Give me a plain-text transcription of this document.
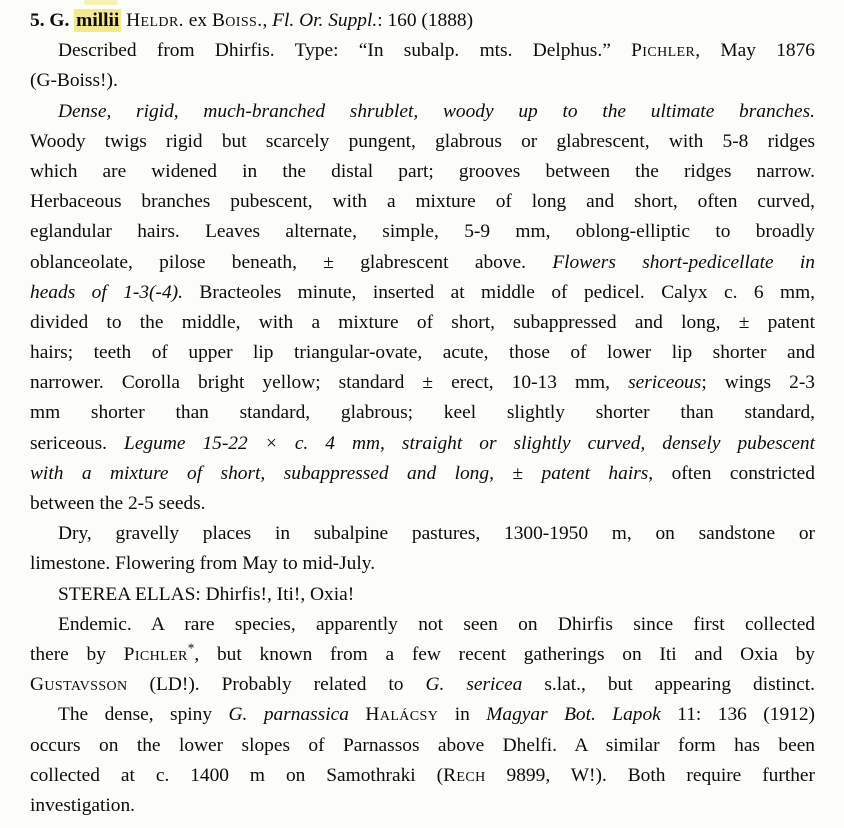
5. G. millii Heldr. ex Boiss., Fl. Or. Suppl.: 160 (1888)
Described from Dhirfis. Type: “In subalp. mts. Delphus.” Pichler, May 1876
(G-Boiss!).
Dense, rigid, much-branched shrublet, woody up to the ultimate branches.
Woody twigs rigid but scarcely pungent, glabrous or glabrescent, with 5-8 ridges
which are widened in the distal part; grooves between the ridges narrow.
Herbaceous branches pubescent, with a mixture of long and short, often curved,
eglandular hairs. Leaves alternate, simple, 5-9 mm, oblong-elliptic to broadly
oblanceolate, pilose beneath, ± glabrescent above. Flowers short-pedicellate in
heads of 1-3(-4). Bracteoles minute, inserted at middle of pedicel. Calyx c. 6 mm,
divided to the middle, with a mixture of short, subappressed and long, ± patent
hairs; teeth of upper lip triangular-ovate, acute, those of lower lip shorter and
narrower. Corolla bright yellow; standard ± erect, 10-13 mm, sericeous; wings 2-3
mm shorter than standard, glabrous; keel slightly shorter than standard,
sericeous. Legume 15-22 × c. 4 mm, straight or slightly curved, densely pubescent
with a mixture of short, subappressed and long, ± patent hairs, often constricted
between the 2-5 seeds.
Dry, gravelly places in subalpine pastures, 1300-1950 m, on sandstone or
limestone. Flowering from May to mid-July.
STEREA ELLAS: Dhirfis!, Iti!, Oxia!
Endemic. A rare species, apparently not seen on Dhirfis since first collected
there by Pichler*, but known from a few recent gatherings on Iti and Oxia by
Gustavsson (LD!). Probably related to G. sericea s.lat., but appearing distinct.
The dense, spiny G. parnassica Halácsy in Magyar Bot. Lapok 11: 136 (1912)
occurs on the lower slopes of Parnassos above Dhelfi. A similar form has been
collected at c. 1400 m on Samothraki (Rech 9899, W!). Both require further
investigation.
